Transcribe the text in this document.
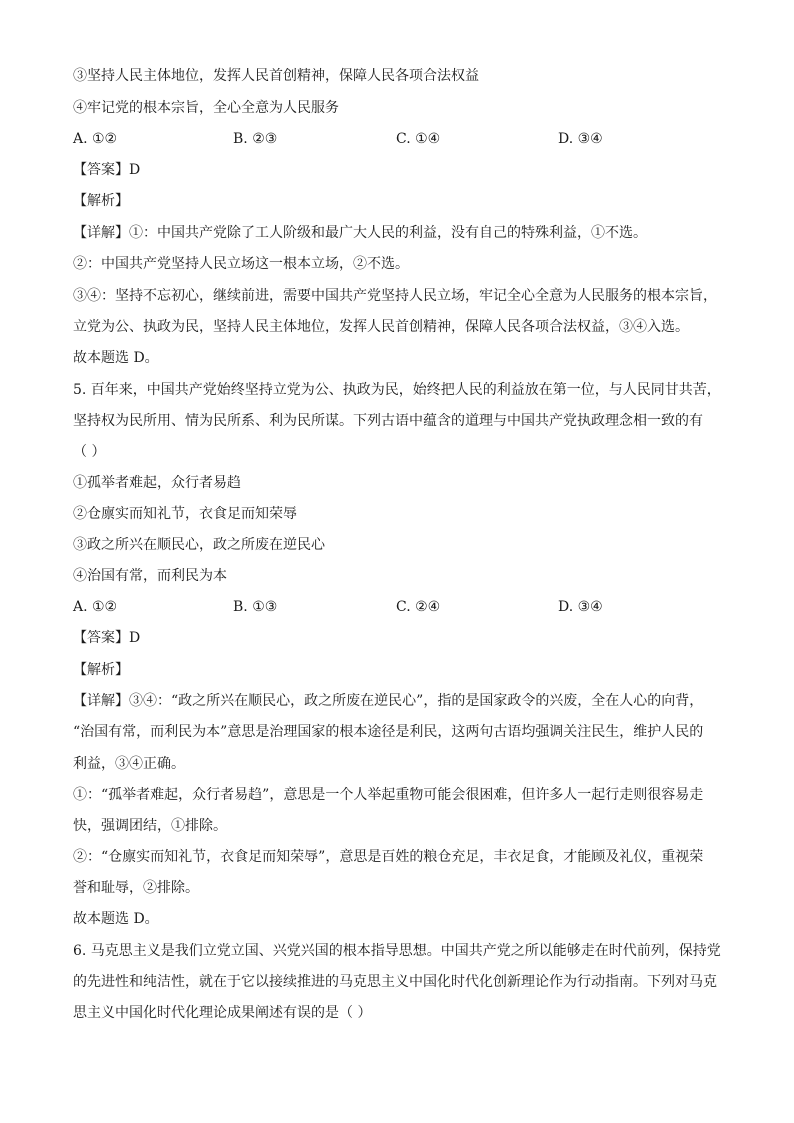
③坚持人民主体地位，发挥人民首创精神，保障人民各项合法权益
④牢记党的根本宗旨，全心全意为人民服务
A. ①②	B. ②③	C. ①④	D. ③④
【答案】D
【解析】
【详解】①：中国共产党除了工人阶级和最广大人民的利益，没有自己的特殊利益，①不选。
②：中国共产党坚持人民立场这一根本立场，②不选。
③④：坚持不忘初心，继续前进，需要中国共产党坚持人民立场，牢记全心全意为人民服务的根本宗旨，
立党为公、执政为民，坚持人民主体地位，发挥人民首创精神，保障人民各项合法权益，③④入选。
故本题选 D。
5. 百年来，中国共产党始终坚持立党为公、执政为民，始终把人民的利益放在第一位，与人民同甘共苦，
坚持权为民所用、情为民所系、利为民所谋。下列古语中蕴含的道理与中国共产党执政理念相一致的有
（ ）
①孤举者难起，众行者易趋
②仓廪实而知礼节，衣食足而知荣辱
③政之所兴在顺民心，政之所废在逆民心
④治国有常，而利民为本
A. ①②	B. ①③	C. ②④	D. ③④
【答案】D
【解析】
【详解】③④：“政之所兴在顺民心，政之所废在逆民心”，指的是国家政令的兴废，全在人心的向背，
“治国有常，而利民为本”意思是治理国家的根本途径是利民，这两句古语均强调关注民生，维护人民的
利益，③④正确。
①：“孤举者难起，众行者易趋”，意思是一个人举起重物可能会很困难，但许多人一起行走则很容易走
快，强调团结，①排除。
②：“仓廪实而知礼节，衣食足而知荣辱”，意思是百姓的粮仓充足，丰衣足食，才能顾及礼仪，重视荣
誉和耻辱，②排除。
故本题选 D。
6. 马克思主义是我们立党立国、兴党兴国的根本指导思想。中国共产党之所以能够走在时代前列，保持党
的先进性和纯洁性，就在于它以接续推进的马克思主义中国化时代化创新理论作为行动指南。下列对马克
思主义中国化时代化理论成果阐述有误的是（ ）
